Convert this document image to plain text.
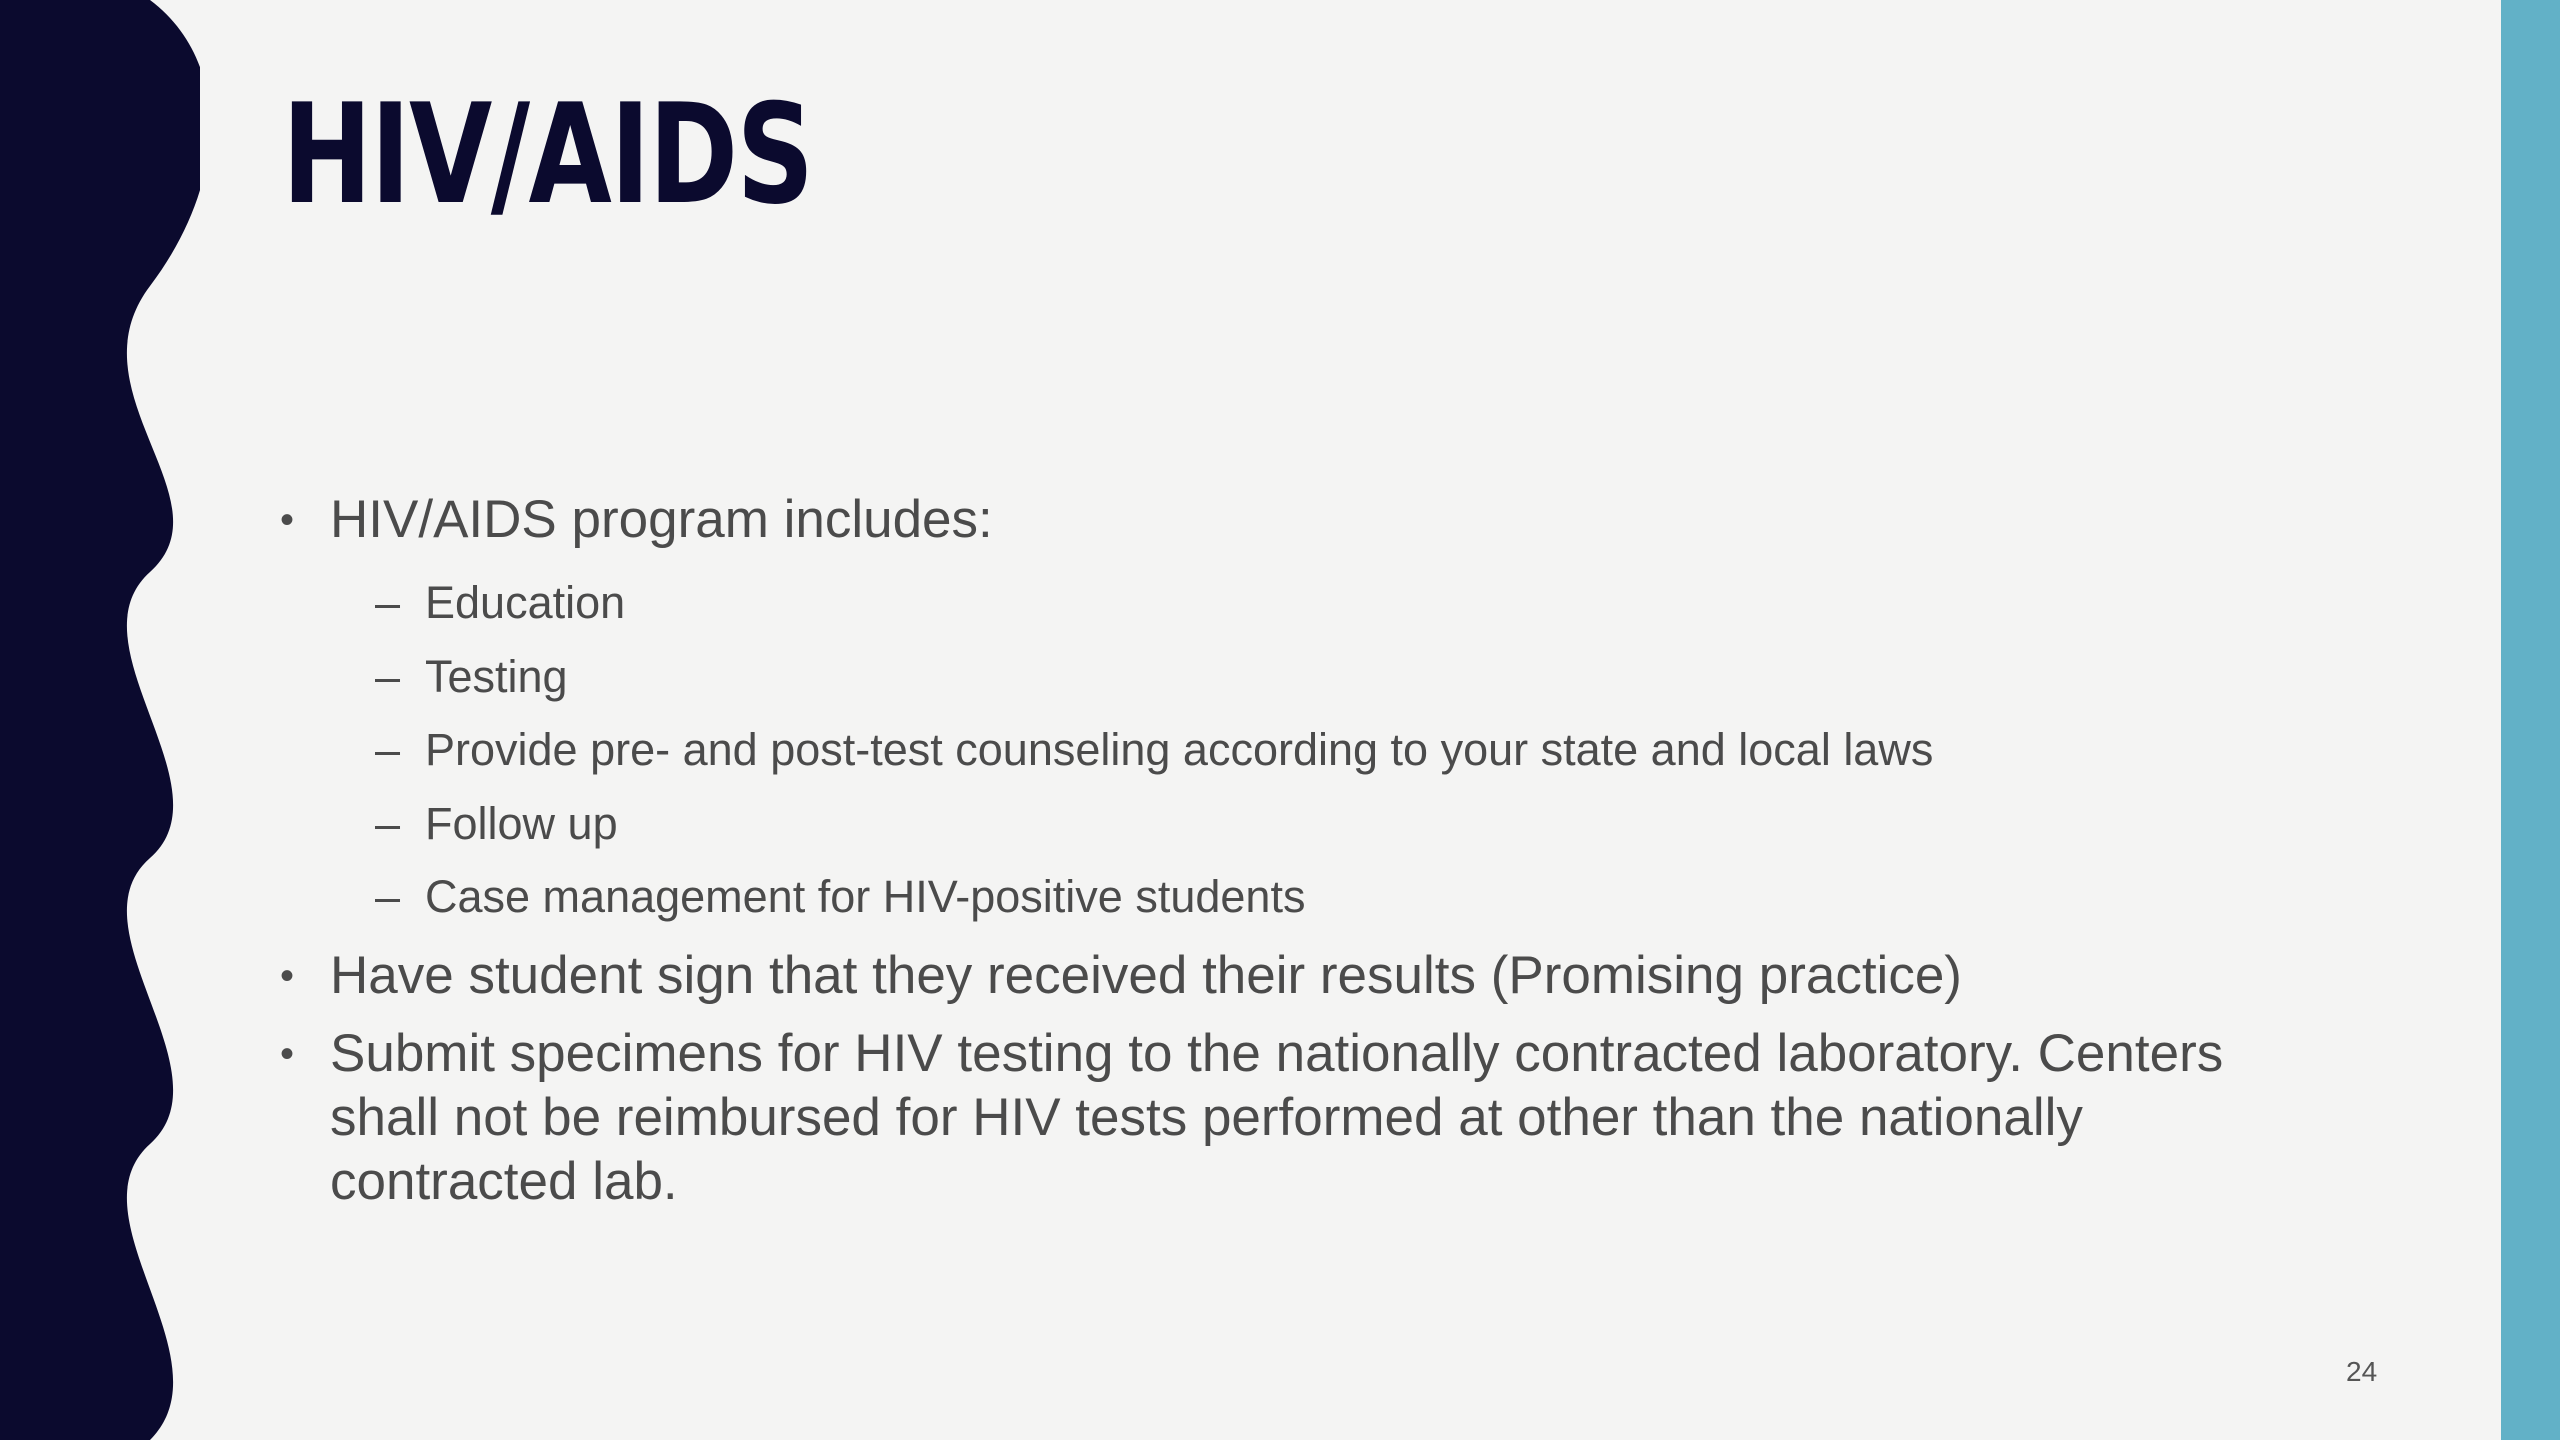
HIV/AIDS
• HIV/AIDS program includes:
– Education
– Testing
– Provide pre- and post-test counseling according to your state and local laws
– Follow up
– Case management for HIV-positive students
• Have student sign that they received their results (Promising practice)
• Submit specimens for HIV testing to the nationally contracted laboratory. Centers shall not be reimbursed for HIV tests performed at other than the nationally contracted lab.
24
